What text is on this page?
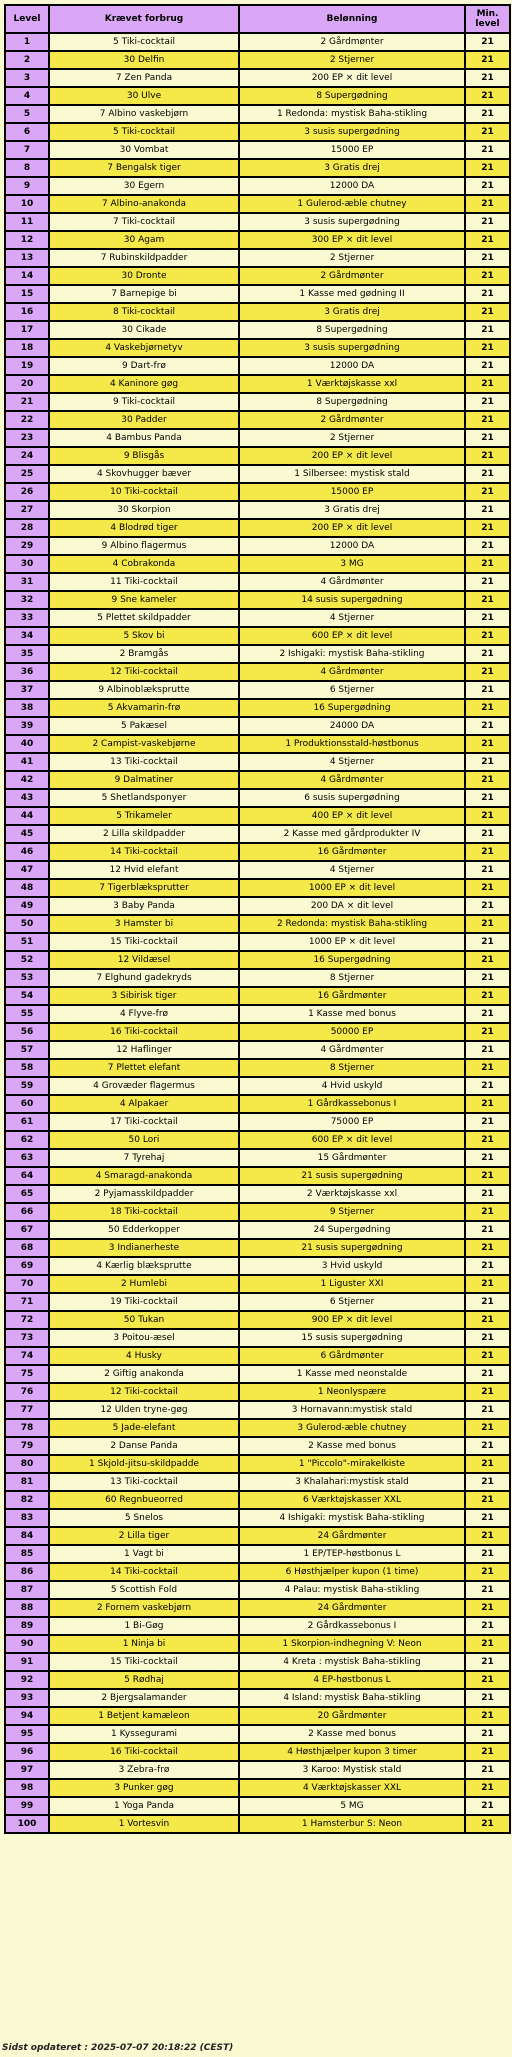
Level	Krævet forbrug	Belønning	Min.
level
1	5 Tiki-cocktail	2 Gårdmønter	21
2	30 Delfin	2 Stjerner	21
3	7 Zen Panda	200 EP × dit level	21
4	30 Ulve	8 Supergødning	21
5	7 Albino vaskebjørn	1 Redonda: mystisk Baha-stikling	21
6	5 Tiki-cocktail	3 susis supergødning	21
7	30 Vombat	15000 EP	21
8	7 Bengalsk tiger	3 Gratis drej	21
9	30 Egern	12000 DA	21
10	7 Albino-anakonda	1 Gulerod-æble chutney	21
11	7 Tiki-cocktail	3 susis supergødning	21
12	30 Agam	300 EP × dit level	21
13	7 Rubinskildpadder	2 Stjerner	21
14	30 Dronte	2 Gårdmønter	21
15	7 Barnepige bi	1 Kasse med gødning II	21
16	8 Tiki-cocktail	3 Gratis drej	21
17	30 Cikade	8 Supergødning	21
18	4 Vaskebjørnetyv	3 susis supergødning	21
19	9 Dart-frø	12000 DA	21
20	4 Kaninore gøg	1 Værktøjskasse xxl	21
21	9 Tiki-cocktail	8 Supergødning	21
22	30 Padder	2 Gårdmønter	21
23	4 Bambus Panda	2 Stjerner	21
24	9 Blisgås	200 EP × dit level	21
25	4 Skovhugger bæver	1 Silbersee: mystisk stald	21
26	10 Tiki-cocktail	15000 EP	21
27	30 Skorpion	3 Gratis drej	21
28	4 Blodrød tiger	200 EP × dit level	21
29	9 Albino flagermus	12000 DA	21
30	4 Cobrakonda	3 MG	21
31	11 Tiki-cocktail	4 Gårdmønter	21
32	9 Sne kameler	14 susis supergødning	21
33	5 Plettet skildpadder	4 Stjerner	21
34	5 Skov bi	600 EP × dit level	21
35	2 Bramgås	2 Ishigaki: mystisk Baha-stikling	21
36	12 Tiki-cocktail	4 Gårdmønter	21
37	9 Albinoblæksprutte	6 Stjerner	21
38	5 Akvamarin-frø	16 Supergødning	21
39	5 Pakæsel	24000 DA	21
40	2 Campist-vaskebjørne	1 Produktionsstald-høstbonus	21
41	13 Tiki-cocktail	4 Stjerner	21
42	9 Dalmatiner	4 Gårdmønter	21
43	5 Shetlandsponyer	6 susis supergødning	21
44	5 Trikameler	400 EP × dit level	21
45	2 Lilla skildpadder	2 Kasse med gårdprodukter IV	21
46	14 Tiki-cocktail	16 Gårdmønter	21
47	12 Hvid elefant	4 Stjerner	21
48	7 Tigerblæksprutter	1000 EP × dit level	21
49	3 Baby Panda	200 DA × dit level	21
50	3 Hamster bi	2 Redonda: mystisk Baha-stikling	21
51	15 Tiki-cocktail	1000 EP × dit level	21
52	12 Vildæsel	16 Supergødning	21
53	7 Elghund gadekryds	8 Stjerner	21
54	3 Sibirisk tiger	16 Gårdmønter	21
55	4 Flyve-frø	1 Kasse med bonus	21
56	16 Tiki-cocktail	50000 EP	21
57	12 Haflinger	4 Gårdmønter	21
58	7 Plettet elefant	8 Stjerner	21
59	4 Grovæder flagermus	4 Hvid uskyld	21
60	4 Alpakaer	1 Gårdkassebonus I	21
61	17 Tiki-cocktail	75000 EP	21
62	50 Lori	600 EP × dit level	21
63	7 Tyrehaj	15 Gårdmønter	21
64	4 Smaragd-anakonda	21 susis supergødning	21
65	2 Pyjamasskildpadder	2 Værktøjskasse xxl	21
66	18 Tiki-cocktail	9 Stjerner	21
67	50 Edderkopper	24 Supergødning	21
68	3 Indianerheste	21 susis supergødning	21
69	4 Kærlig blæksprutte	3 Hvid uskyld	21
70	2 Humlebi	1 Liguster XXI	21
71	19 Tiki-cocktail	6 Stjerner	21
72	50 Tukan	900 EP × dit level	21
73	3 Poitou-æsel	15 susis supergødning	21
74	4 Husky	6 Gårdmønter	21
75	2 Giftig anakonda	1 Kasse med neonstalde	21
76	12 Tiki-cocktail	1 Neonlyspære	21
77	12 Ulden tryne-gøg	3 Hornavann:mystisk stald	21
78	5 Jade-elefant	3 Gulerod-æble chutney	21
79	2 Danse Panda	2 Kasse med bonus	21
80	1 Skjold-jitsu-skildpadde	1 "Piccolo"-mirakelkiste	21
81	13 Tiki-cocktail	3 Khalahari:mystisk stald	21
82	60 Regnbueorred	6 Værktøjskasser XXL	21
83	5 Snelos	4 Ishigaki: mystisk Baha-stikling	21
84	2 Lilla tiger	24 Gårdmønter	21
85	1 Vagt bi	1 EP/TEP-høstbonus L	21
86	14 Tiki-cocktail	6 Høsthjælper kupon (1 time)	21
87	5 Scottish Fold	4 Palau: mystisk Baha-stikling	21
88	2 Fornem vaskebjørn	24 Gårdmønter	21
89	1 Bi-Gøg	2 Gårdkassebonus I	21
90	1 Ninja bi	1 Skorpion-indhegning V: Neon	21
91	15 Tiki-cocktail	4 Kreta : mystisk Baha-stikling	21
92	5 Rødhaj	4 EP-høstbonus L	21
93	2 Bjergsalamander	4 Island: mystisk Baha-stikling	21
94	1 Betjent kamæleon	20 Gårdmønter	21
95	1 Kyssegurami	2 Kasse med bonus	21
96	16 Tiki-cocktail	4 Høsthjælper kupon 3 timer	21
97	3 Zebra-frø	3 Karoo: Mystisk stald	21
98	3 Punker gøg	4 Værktøjskasser XXL	21
99	1 Yoga Panda	5 MG	21
100	1 Vortesvin	1 Hamsterbur S: Neon	21
Sidst opdateret : 2025-07-07 20:18:22 (CEST)
